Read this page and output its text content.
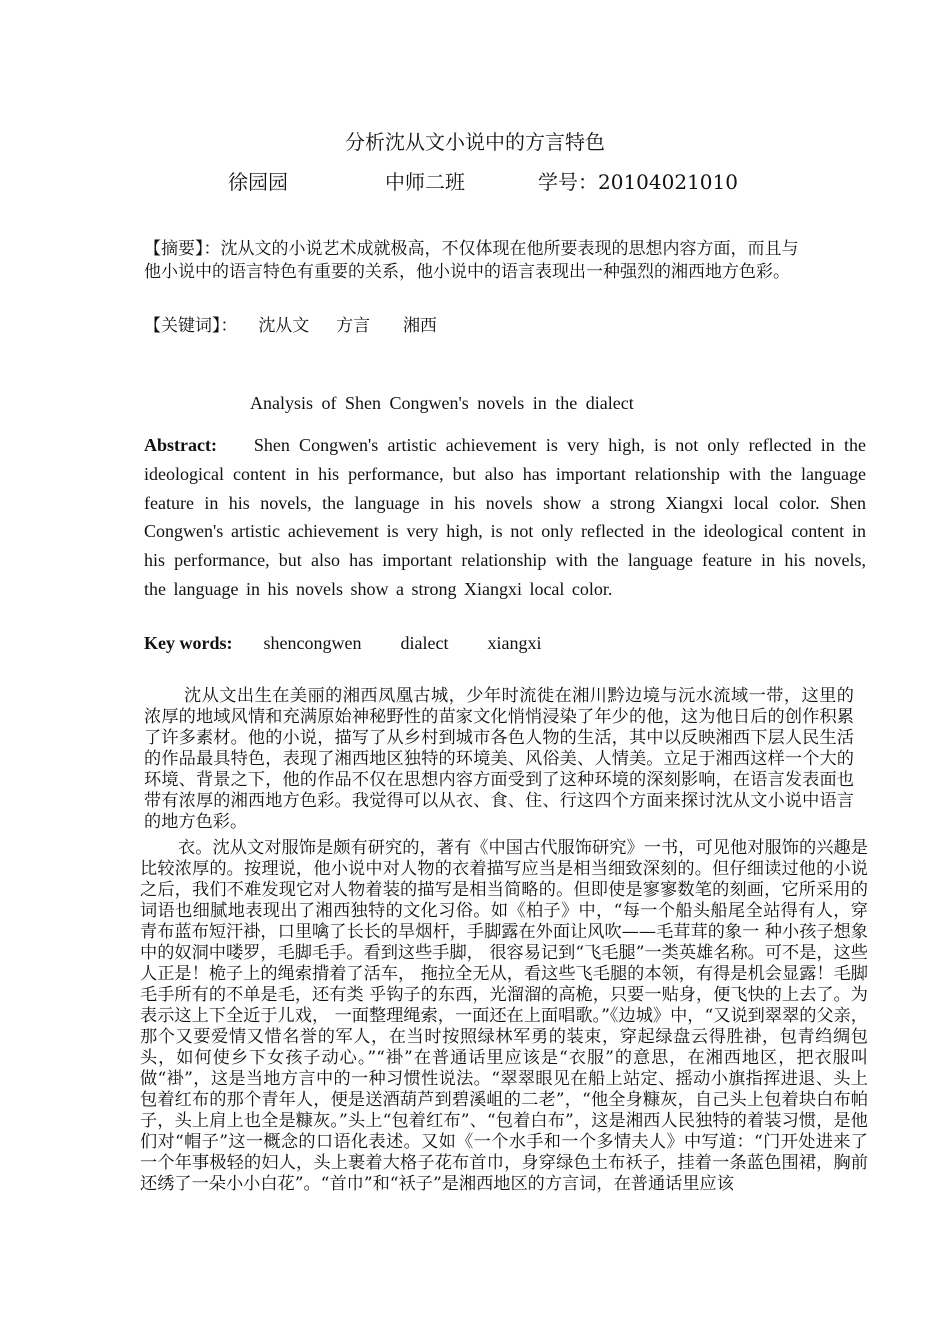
分析沈从文小说中的方言特色
徐园园	中师二班	学号：20104021010
【摘要】：沈从文的小说艺术成就极高，不仅体现在他所要表现的思想内容方面，而且与他小说中的语言特色有重要的关系，他小说中的语言表现出一种强烈的湘西地方色彩。
【关键词】： 沈从文 方言 湘西
Analysis of Shen Congwen's novels in the dialect
Abstract: Shen Congwen's artistic achievement is very high, is not only reflected in the ideological content in his performance, but also has important relationship with the language feature in his novels, the language in his novels show a strong Xiangxi local color. Shen Congwen's artistic achievement is very high, is not only reflected in the ideological content in his performance, but also has important relationship with the language feature in his novels, the language in his novels show a strong Xiangxi local color.
Key words: shencongwen dialect xiangxi
沈从文出生在美丽的湘西凤凰古城，少年时流徙在湘川黔边境与沅水流域一带，这里的浓厚的地域风情和充满原始神秘野性的苗家文化悄悄浸染了年少的他，这为他日后的创作积累了许多素材。他的小说，描写了从乡村到城市各色人物的生活，其中以反映湘西下层人民生活的作品最具特色，表现了湘西地区独特的环境美、风俗美、人情美。立足于湘西这样一个大的环境、背景之下，他的作品不仅在思想内容方面受到了这种环境的深刻影响，在语言发表面也带有浓厚的湘西地方色彩。我觉得可以从衣、食、住、行这四个方面来探讨沈从文小说中语言的地方色彩。
衣。沈从文对服饰是颇有研究的，著有《中国古代服饰研究》一书，可见他对服饰的兴趣是比较浓厚的。按理说，他小说中对人物的衣着描写应当是相当细致深刻的。但仔细读过他的小说之后，我们不难发现它对人物着装的描写是相当简略的。但即使是寥寥数笔的刻画，它所采用的词语也细腻地表现出了湘西独特的文化习俗。如《柏子》中，“每一个船头船尾全站得有人，穿青布蓝布短汗褂，口里噙了长长的旱烟杆，手脚露在外面让风吹——毛茸茸的象一 种小孩子想象中的奴洞中喽罗，毛脚毛手。看到这些手脚， 很容易记到“飞毛腿”一类英雄名称。可不是，这些人正是！桅子上的绳索揹着了活车， 拖拉全无从，看这些飞毛腿的本领，有得是机会显露！毛脚毛手所有的不单是毛，还有类 乎钩子的东西，光溜溜的高桅，只要一贴身，便飞快的上去了。为表示这上下全近于儿戏， 一面整理绳索，一面还在上面唱歌。”《边城》中，“又说到翠翠的父亲，那个又要爱情又惜名誉的军人，在当时按照绿林军勇的装束，穿起绿盘云得胜褂，包青绉绸包头，如何使乡下女孩子动心。”“褂”在普通话里应该是“衣服”的意思，在湘西地区，把衣服叫做“褂”，这是当地方言中的一种习惯性说法。“翠翠眼见在船上站定、摇动小旗指挥进退、头上包着红布的那个青年人，便是送酒葫芦到碧溪岨的二老”，“他全身糠灰，自己头上包着块白布帕子，头上肩上也全是糠灰。”头上“包着红布”、“包着白布”，这是湘西人民独特的着装习惯，是他们对“帽子”这一概念的口语化表述。又如《一个水手和一个多情夫人》中写道：“门开处进来了一个年事极轻的妇人，头上裹着大格子花布首巾，身穿绿色土布袄子，挂着一条蓝色围裙，胸前还绣了一朵小小白花”。“首巾”和“袄子”是湘西地区的方言词，在普通话里应该
